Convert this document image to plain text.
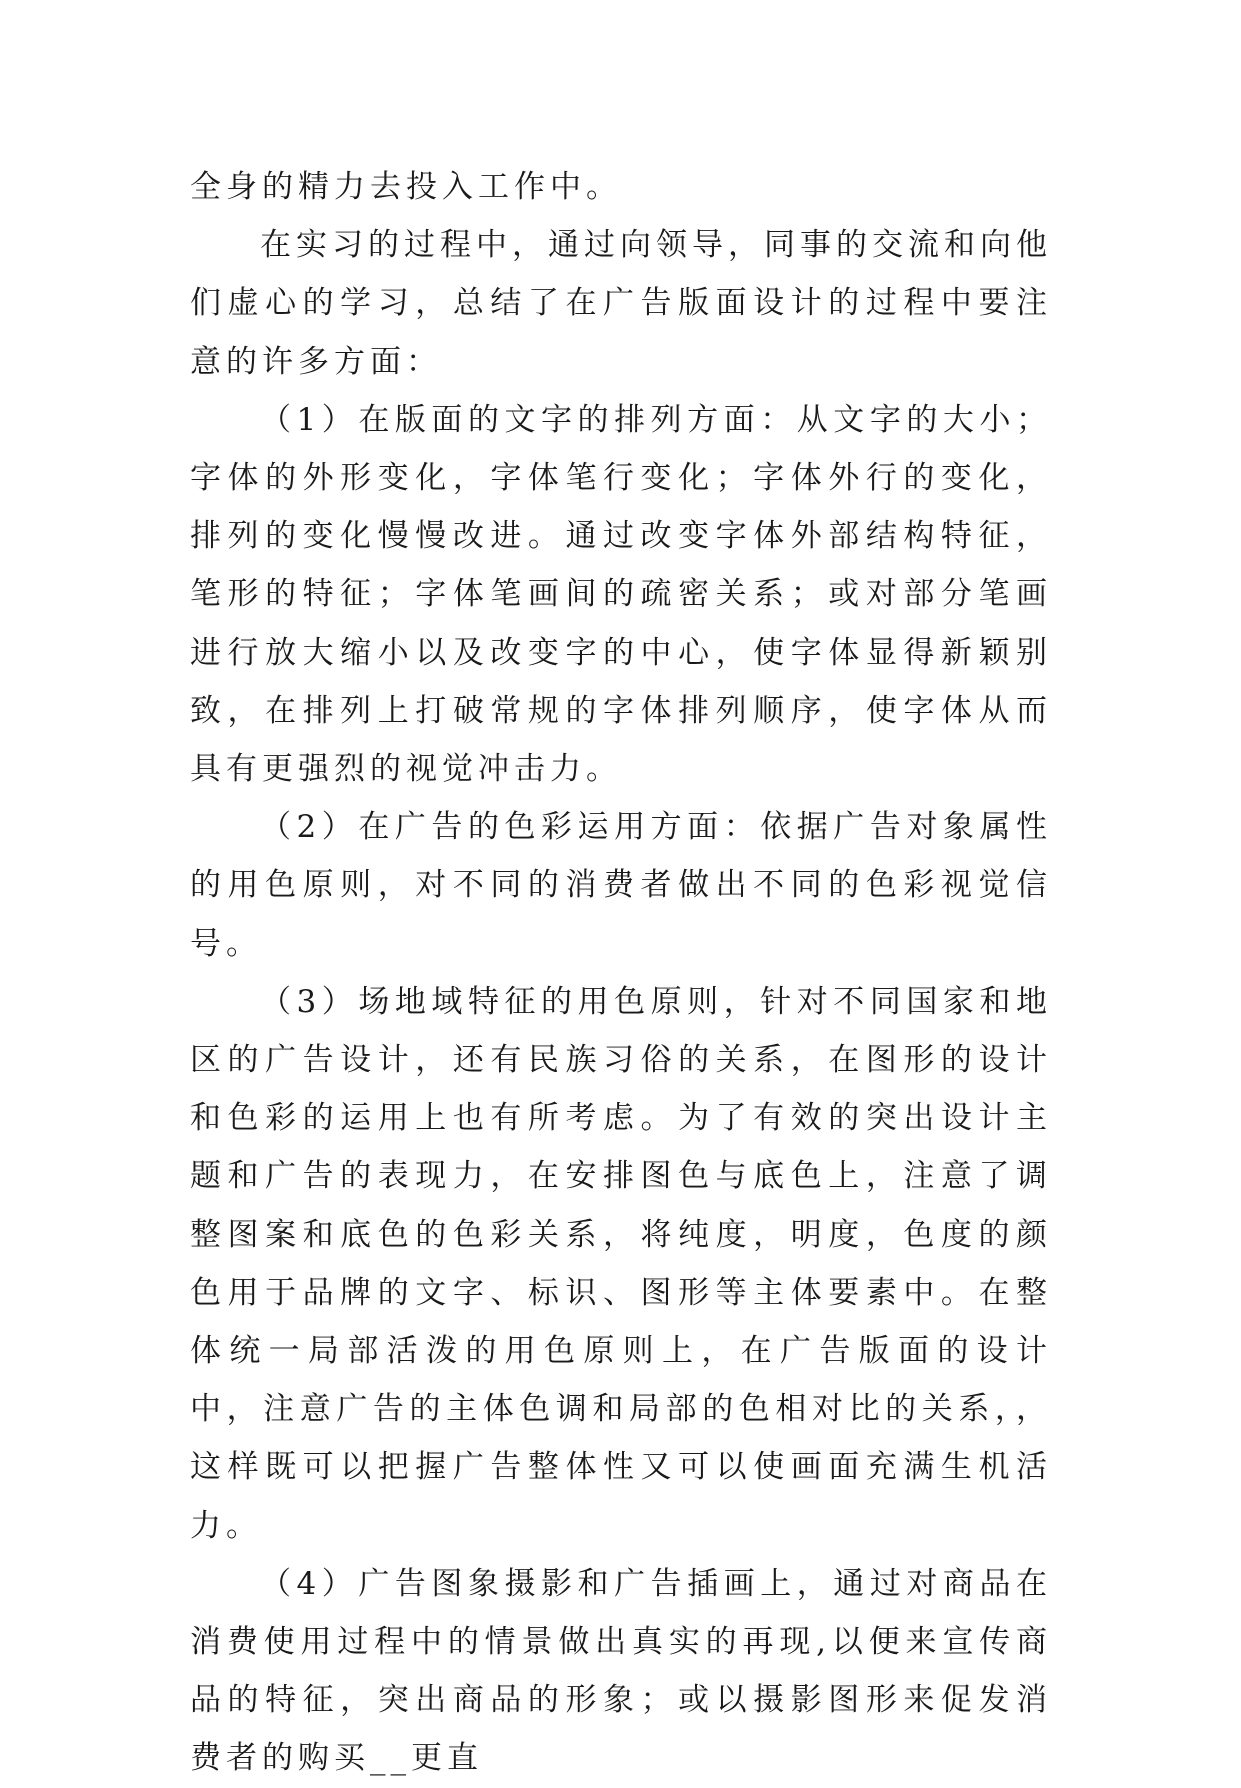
全身的精力去投入工作中。

在实习的过程中，通过向领导，同事的交流和向他们虚心的学习，总结了在广告版面设计的过程中要注意的许多方面：

（1）在版面的文字的排列方面：从文字的大小；字体的外形变化，字体笔行变化；字体外行的变化，排列的变化慢慢改进。通过改变字体外部结构特征，笔形的特征；字体笔画间的疏密关系；或对部分笔画进行放大缩小以及改变字的中心，使字体显得新颖别致，在排列上打破常规的字体排列顺序，使字体从而具有更强烈的视觉冲击力。

（2）在广告的色彩运用方面：依据广告对象属性的用色原则，对不同的消费者做出不同的色彩视觉信号。

（3）场地域特征的用色原则，针对不同国家和地区的广告设计，还有民族习俗的关系，在图形的设计和色彩的运用上也有所考虑。为了有效的突出设计主题和广告的表现力，在安排图色与底色上，注意了调整图案和底色的色彩关系，将纯度，明度，色度的颜色用于品牌的文字、标识、图形等主体要素中。在整体统一局部活泼的用色原则上，在广告版面的设计中，注意广告的主体色调和局部的色相对比的关系，，这样既可以把握广告整体性又可以使画面充满生机活力。

（4）广告图象摄影和广告插画上，通过对商品在消费使用过程中的情景做出真实的再现,以便来宣传商品的特征，突出商品的形象；或以摄影图形来促发消费者的购买__更直
